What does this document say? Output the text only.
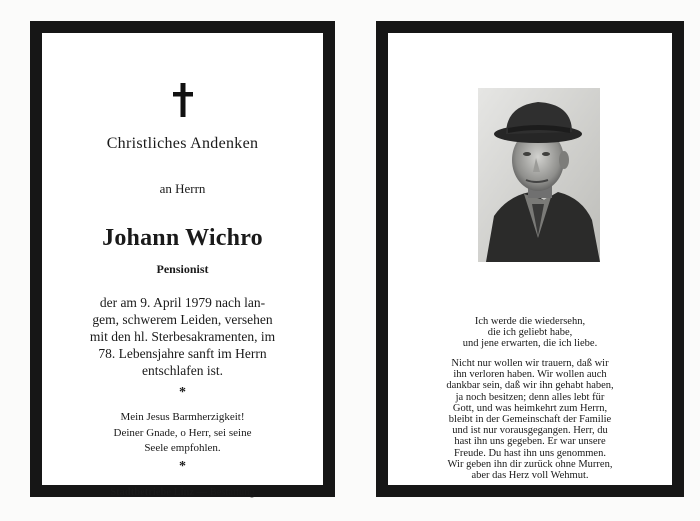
Christliches Andenken
an Herrn
Johann Wichro
Pensionist
der am 9. April 1979 nach lan-
gem, schwerem Leiden, versehen
mit den hl. Sterbesakramenten, im
78. Lebensjahre sanft im Herrn
entschlafen ist.
*
Mein Jesus Barmherzigkeit!
Deiner Gnade, o Herr, sei seine
Seele empfohlen.
*
Stadtbetriebe Linz — Bestattung

Ich werde die wiedersehn,

die ich geliebt habe,

und jene erwarten, die ich liebe.

Nicht nur wollen wir trauern, daß wir

ihn verloren haben. Wir wollen auch

dankbar sein, daß wir ihn gehabt haben,

ja noch besitzen; denn alles lebt für

Gott, und was heimkehrt zum Herrn,

bleibt in der Gemeinschaft der Familie

und ist nur vorausgegangen. Herr, du

hast ihn uns gegeben. Er war unsere

Freude. Du hast ihn uns genommen.

Wir geben ihn dir zurück ohne Murren,

aber das Herz voll Wehmut.
